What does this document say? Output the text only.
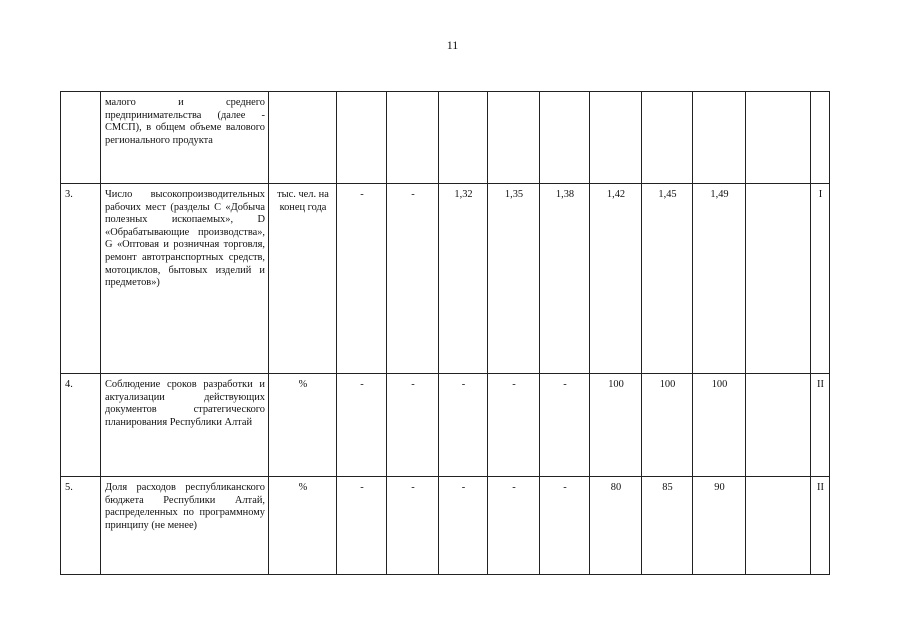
11
	малого и среднего предпринимательства (далее - СМСП), в общем объеме валового регионального продукта											
3.	Число высокопроизводительных рабочих мест (разделы C «Добыча полезных ископаемых», D «Обрабатывающие производства», G «Оптовая и розничная торговля, ремонт автотранспортных средств, мотоциклов, бытовых изделий и предметов»)	тыс. чел. на конец года	-	-	1,32	1,35	1,38	1,42	1,45	1,49		I
4.	Соблюдение сроков разработки и актуализации действующих документов стратегического планирования Республики Алтай	%	-	-	-	-	-	100	100	100		II
5.	Доля расходов республиканского бюджета Республики Алтай, распределенных по программному принципу (не менее)	%	-	-	-	-	-	80	85	90		II
